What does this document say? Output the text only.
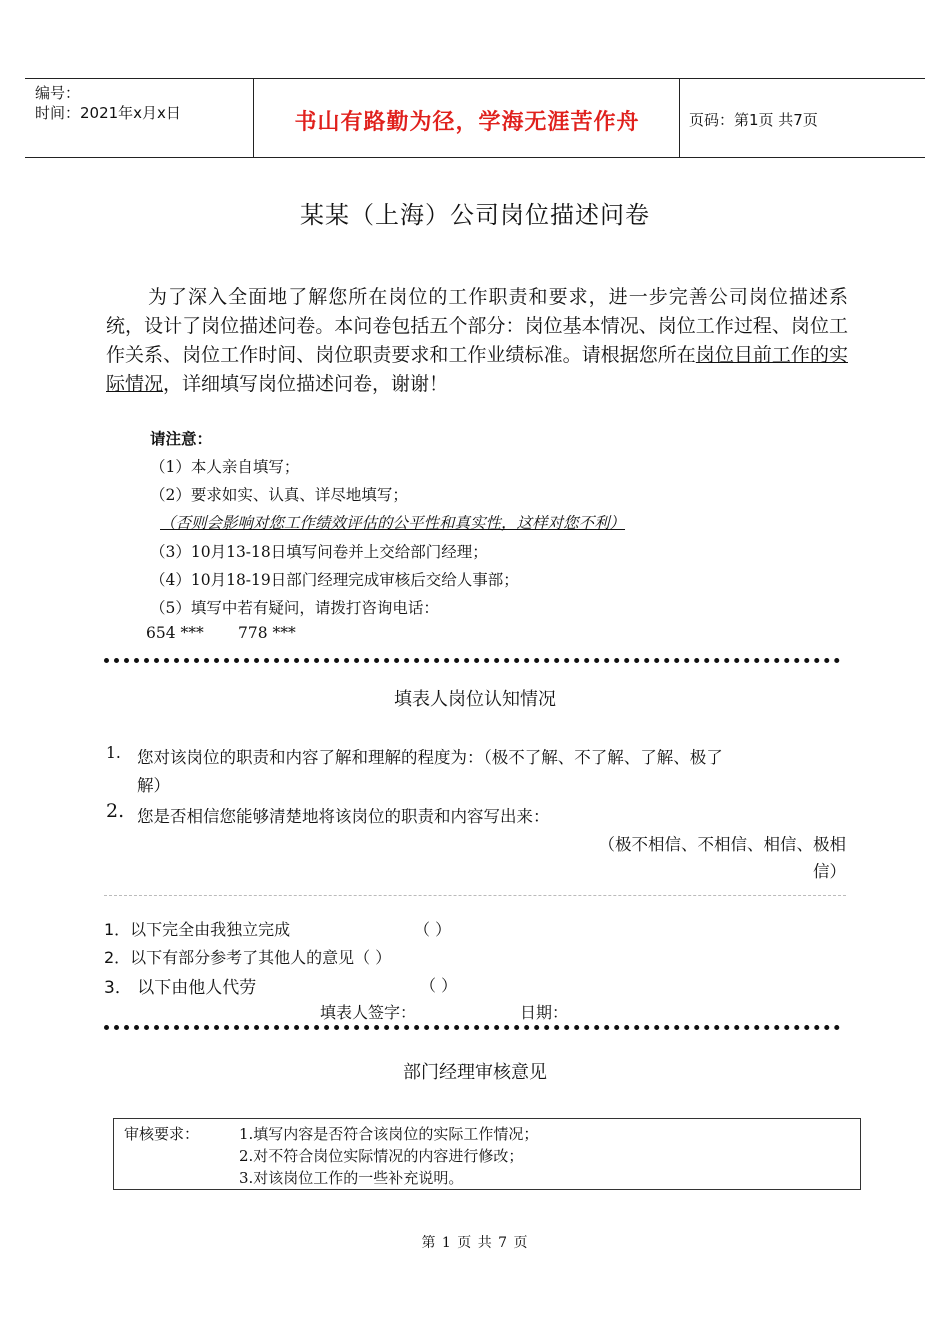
编号：
时间：2021年x月x日	书山有路勤为径，学海无涯苦作舟	页码：第1页 共7页
某某（上海）公司岗位描述问卷

为了深入全面地了解您所在岗位的工作职责和要求，进一步完善公司岗位描述系统，设计了岗位描述问卷。本问卷包括五个部分：岗位基本情况、岗位工作过程、岗位工作关系、岗位工作时间、岗位职责要求和工作业绩标准。请根据您所在岗位目前工作的实际情况，详细填写岗位描述问卷，谢谢！

请注意：
（1）本人亲自填写；
（2）要求如实、认真、详尽地填写；
（否则会影响对您工作绩效评估的公平性和真实性，这样对您不利）
（3）10月13-18日填写问卷并上交给部门经理；
（4）10月18-19日部门经理完成审核后交给人事部；
（5）填写中若有疑问，请拨打咨询电话：
654 *** 778 ***
填表人岗位认知情况
1. 您对该岗位的职责和内容了解和理解的程度为：（极不了解、不了解、了解、极了
解）
2. 您是否相信您能够清楚地将该岗位的职责和内容写出来：
（极不相信、不相信、相信、极相
信）
1．以下完全由我独立完成	（ ）
2．以下有部分参考了其他人的意见（ ）
3． 以下由他人代劳	（ ）
填表人签字：	日期：
部门经理审核意见
审核要求：	1.填写内容是否符合该岗位的实际工作情况；
2.对不符合岗位实际情况的内容进行修改；
3.对该岗位工作的一些补充说明。
第 1 页 共 7 页
